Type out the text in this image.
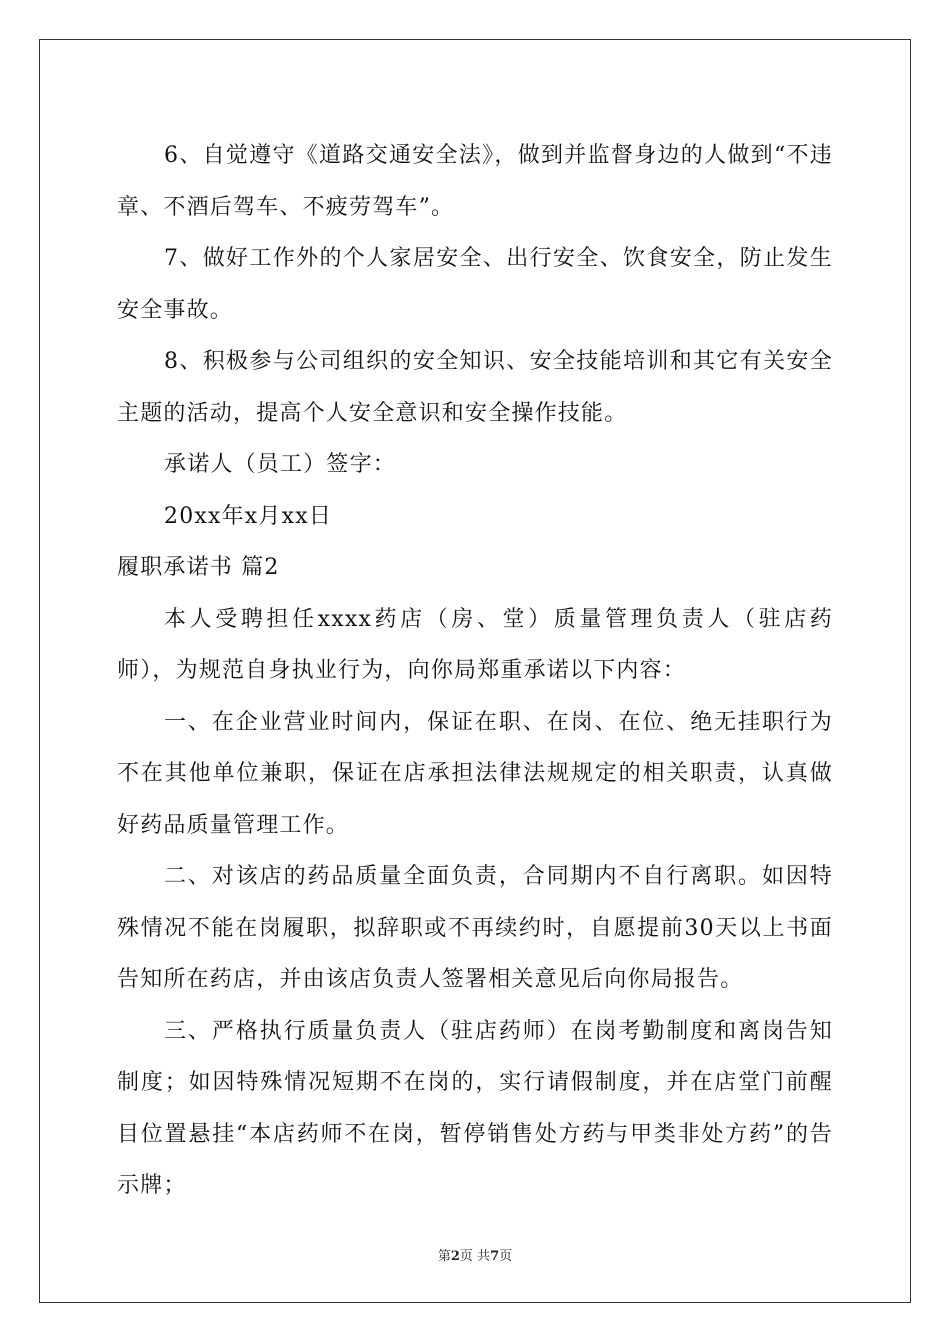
6、自觉遵守《道路交通安全法》，做到并监督身边的人做到“不违章、不酒后驾车、不疲劳驾车”。

7、做好工作外的个人家居安全、出行安全、饮食安全，防止发生安全事故。

8、积极参与公司组织的安全知识、安全技能培训和其它有关安全主题的活动，提高个人安全意识和安全操作技能。

承诺人（员工）签字：

20xx年x月xx日

履职承诺书 篇2

本人受聘担任xxxx药店（房、堂）质量管理负责人（驻店药师），为规范自身执业行为，向你局郑重承诺以下内容：

一、在企业营业时间内，保证在职、在岗、在位、绝无挂职行为不在其他单位兼职，保证在店承担法律法规规定的相关职责，认真做好药品质量管理工作。

二、对该店的药品质量全面负责，合同期内不自行离职。如因特殊情况不能在岗履职，拟辞职或不再续约时，自愿提前30天以上书面告知所在药店，并由该店负责人签署相关意见后向你局报告。

三、严格执行质量负责人（驻店药师）在岗考勤制度和离岗告知制度；如因特殊情况短期不在岗的，实行请假制度，并在店堂门前醒目位置悬挂“本店药师不在岗，暂停销售处方药与甲类非处方药”的告示牌；

第2页 共7页
